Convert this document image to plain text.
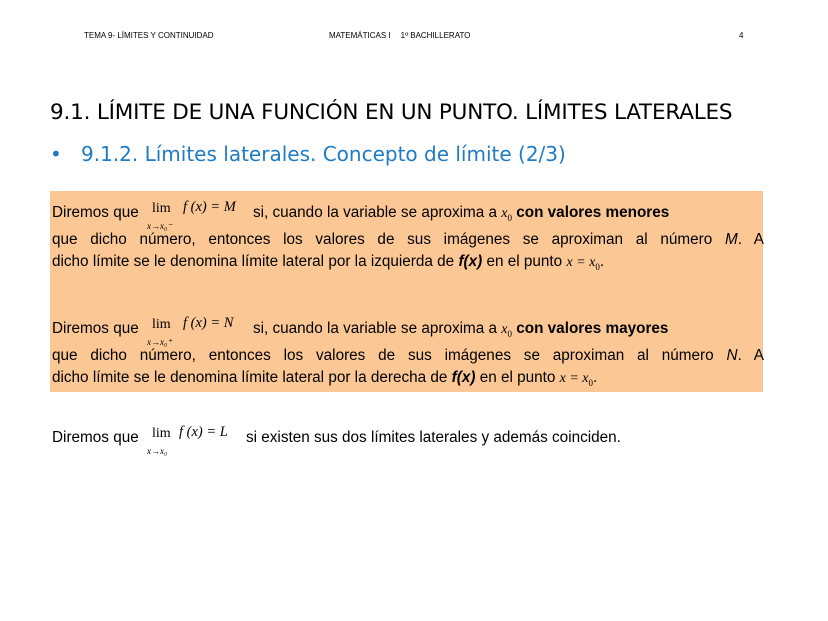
TEMA 9- LÍMITES Y CONTINUIDAD	MATEMÁTICAS I 1º BACHILLERATO	4
9.1. LÍMITE DE UNA FUNCIÓN EN UN PUNTO. LÍMITES LATERALES
• 9.1.2. Límites laterales. Concepto de límite (2/3)
Diremos que lim
x→x₀⁻
f (x) = M si, cuando la variable se aproxima a $x_0$ con valores menores
que dicho número, entonces los valores de sus imágenes se aproximan al número M. A
dicho límite se le denomina límite lateral por la izquierda de f(x) en el punto $x = x_0$.
Diremos que lim
x→x₀⁺
f (x) = N si, cuando la variable se aproxima a $x_0$ con valores mayores
que dicho número, entonces los valores de sus imágenes se aproximan al número N. A
dicho límite se le denomina límite lateral por la derecha de f(x) en el punto $x = x_0$.
Diremos que lim
x→x₀
f (x) = L si existen sus dos límites laterales y además coinciden.
